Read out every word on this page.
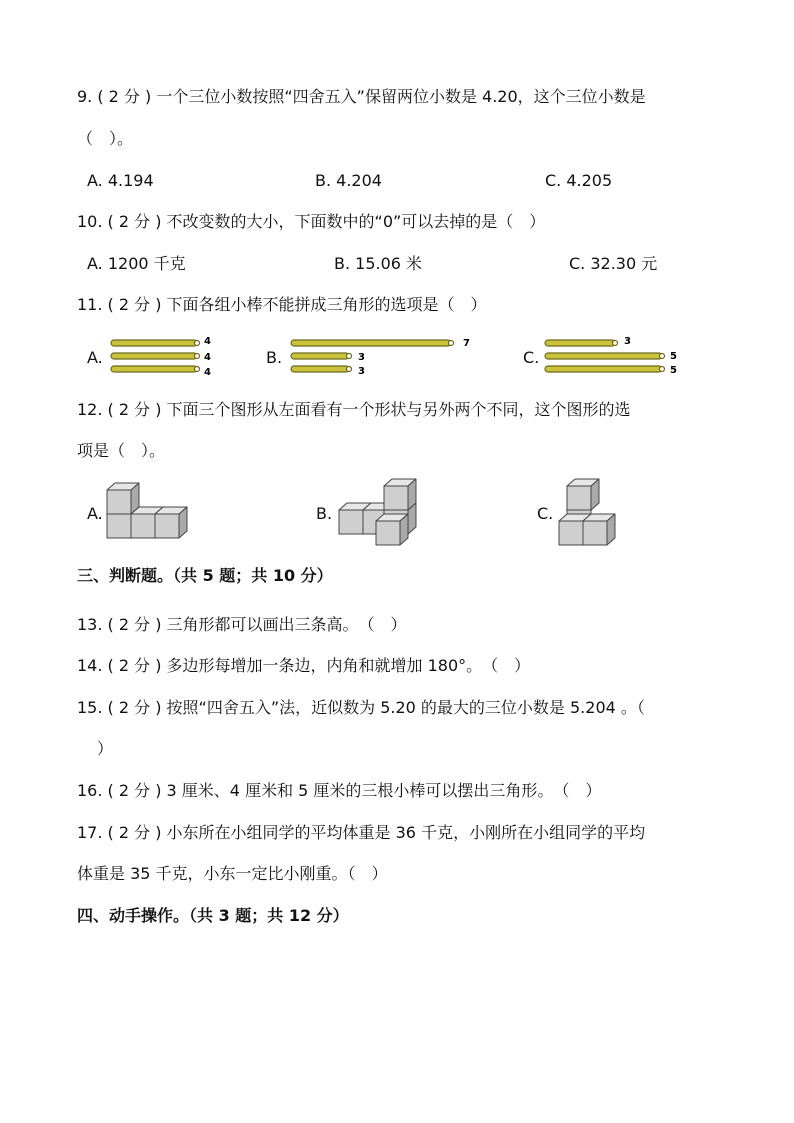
9. ( 2 分 ) 一个三位小数按照“四舍五入”保留两位小数是 4.20，这个三位小数是
（　）。
A. 4.194	B. 4.204	C. 4.205
10. ( 2 分 ) 不改变数的大小，下面数中的“0”可以去掉的是（　）
A. 1200 千克	B. 15.06 米	C. 32.30 元
11. ( 2 分 ) 下面各组小棒不能拼成三角形的选项是（　）
A.
4
4
4
B.
7
3
3
C.
3
5
5
12. ( 2 分 ) 下面三个图形从左面看有一个形状与另外两个不同，这个图形的选
项是（　）。
A.	B.	C.
三、判断题。（共 5 题；共 10 分）
13. ( 2 分 ) 三角形都可以画出三条高。　（　）
14. ( 2 分 ) 多边形每增加一条边，内角和就增加 180°。　（　）
15. ( 2 分 ) 按照“四舍五入”法，近似数为 5.20 的最大的三位小数是 5.204 。（
）
16. ( 2 分 ) 3 厘米、4 厘米和 5 厘米的三根小棒可以摆出三角形。　（　）
17. ( 2 分 ) 小东所在小组同学的平均体重是 36 千克，小刚所在小组同学的平均
体重是 35 千克，小东一定比小刚重。（　）
四、动手操作。（共 3 题；共 12 分）
